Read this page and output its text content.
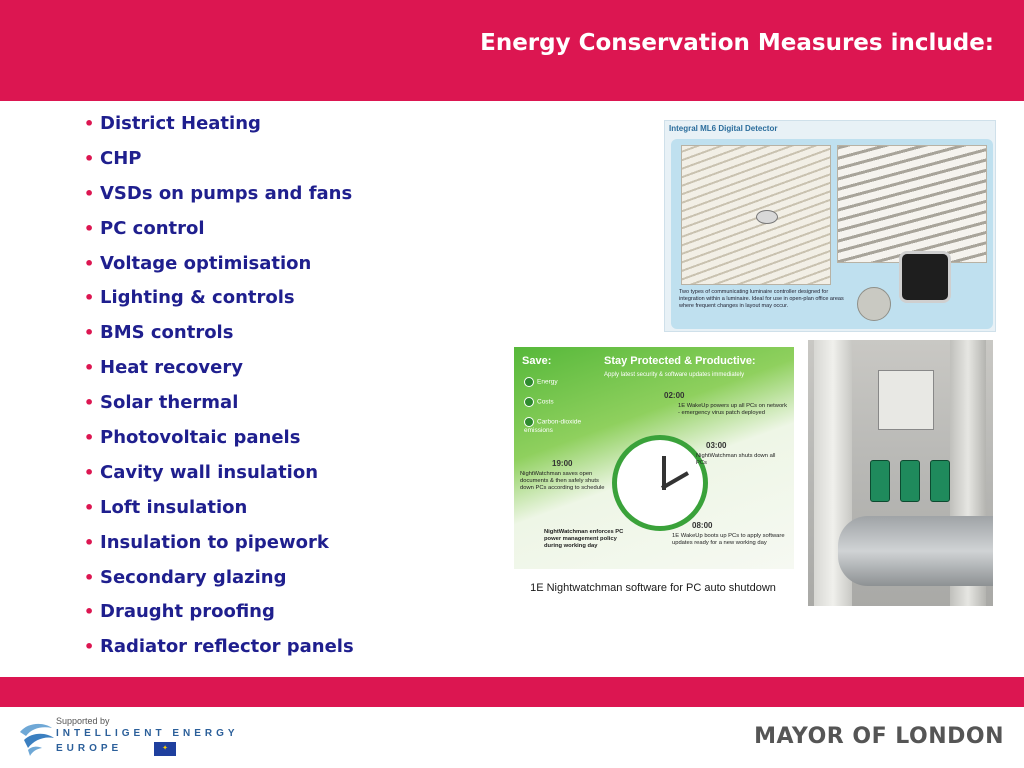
Energy Conservation Measures include:
• District Heating
• CHP
• VSDs on pumps and fans
• PC control
• Voltage optimisation
• Lighting & controls
• BMS controls
• Heat recovery
• Solar thermal
• Photovoltaic panels
• Cavity wall insulation
• Loft insulation
• Insulation to pipework
• Secondary glazing
• Draught proofing
• Radiator reflector panels
Integral ML6 Digital Detector
Two types of communicating luminaire controller designed for integration within a luminaire. Ideal for use in open-plan office areas where frequent changes in layout may occur.
Save:	Stay Protected & Productive:
Apply latest security & software updates immediately
Energy
Costs
Carbon-dioxide emissions
02:00
1E WakeUp powers up all PCs on network - emergency virus patch deployed
03:00
NightWatchman shuts down all PCs
19:00
NightWatchman saves open documents & then safely shuts down PCs according to schedule
NightWatchman enforces PC power management policy during working day
08:00
1E WakeUp boots up PCs to apply software updates ready for a new working day
1E Nightwatchman software for PC auto shutdown
Supported by
INTELLIGENT ENERGY
EUROPE	✦	MAYOR OF LONDON
